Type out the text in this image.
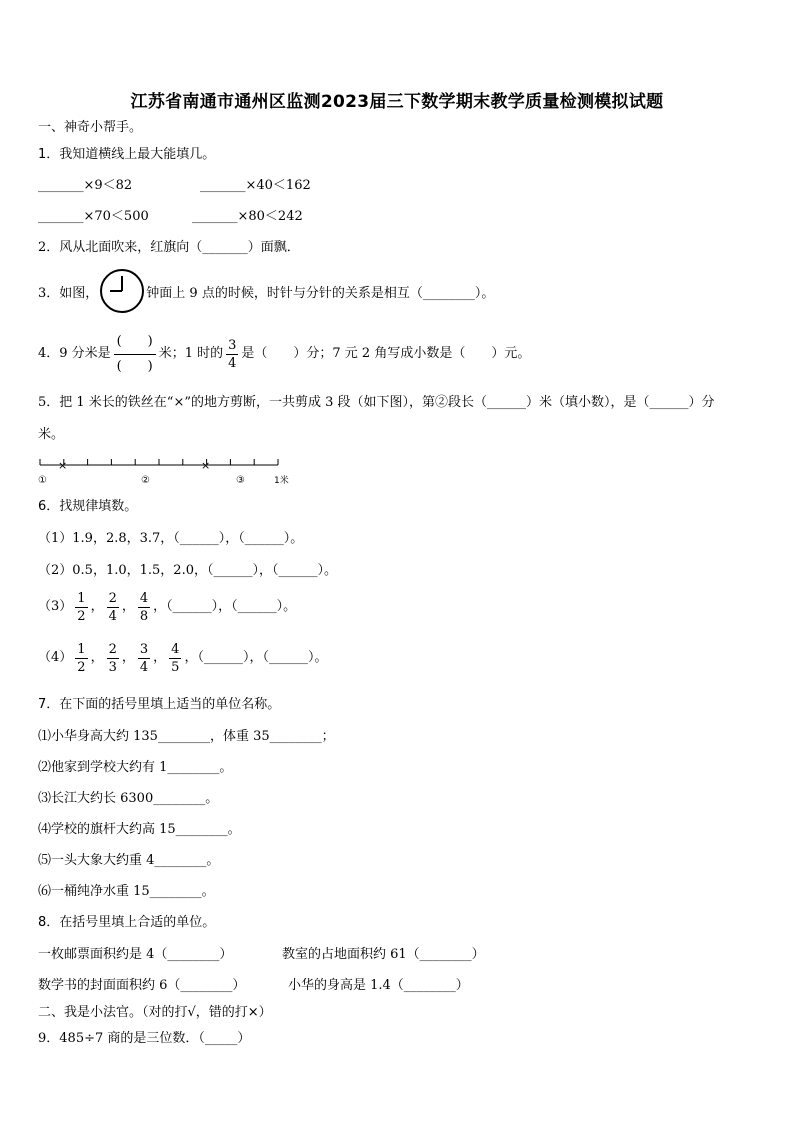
江苏省南通市通州区监测2023届三下数学期末教学质量检测模拟试题
一、神奇小帮手。
1．我知道横线上最大能填几。
_______×9＜82	_______×40＜162
_______×70＜500	_______×80＜242
2．风从北面吹来，红旗向（_______）面飘．
3．如图，	钟面上 9 点的时候，时针与分针的关系是相互（________）。
4．9 分米是 $\frac{( )}{( )}$ 米；1 时的 $\frac{3}{4}$ 是（　　）分；7 元 2 角写成小数是（　　）元。
5．把 1 米长的铁丝在“×”的地方剪断，一共剪成 3 段（如下图），第②段长（______）米（填小数），是（______）分
米。
①	②	③	1米
×	×
6．找规律填数。
（1）1.9，2.8，3.7，（______），（______）。
（2）0.5，1.0，1.5，2.0，（______），（______）。
$(3) \frac{1}{2}$ ， $\frac{2}{4}$ ， $\frac{4}{8}$ ，（______），（______）。
$(4) \frac{1}{2}$ ， $\frac{2}{3}$ ， $\frac{3}{4}$ ， $\frac{4}{5}$ ，（______），（______）。
7．在下面的括号里填上适当的单位名称。
⑴小华身高大约 135________，体重 35________；
⑵他家到学校大约有 1________。
⑶长江大约长 6300________。
⑷学校的旗杆大约高 15________。
⑸一头大象大约重 4________。
⑹一桶纯净水重 15________。
8．在括号里填上合适的单位。
一枚邮票面积约是 4（________）	教室的占地面积约 61（________）
数学书的封面面积约 6（________）	小华的身高是 1.4（________）
二、我是小法官。（对的打√，错的打×）
9．485÷7 商的是三位数．（_____）
